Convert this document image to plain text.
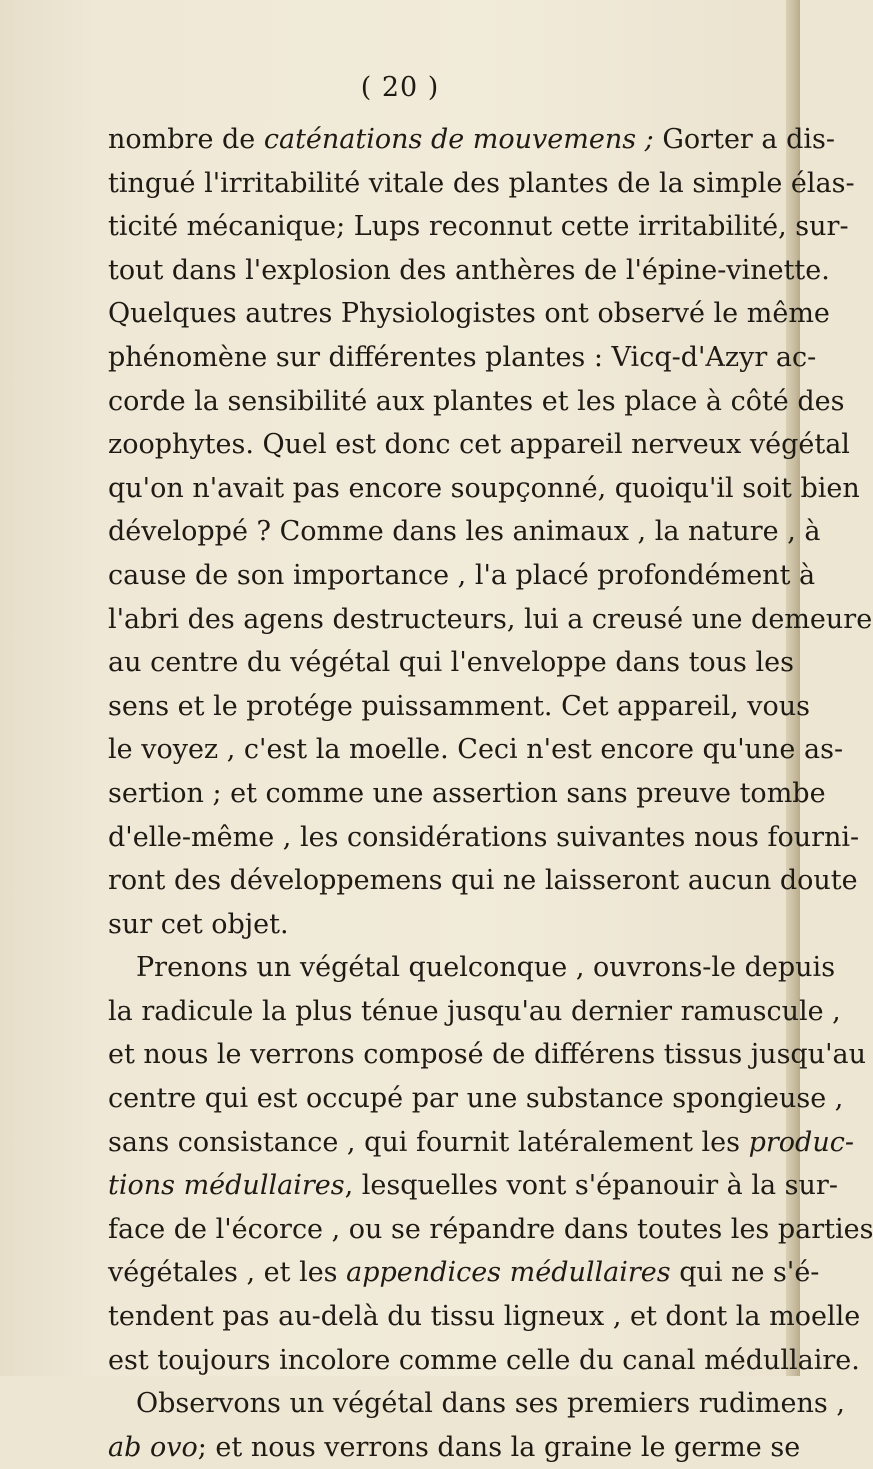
( 20 )
nombre de caténations de mouvemens ; Gorter a dis-
tingué l'irritabilité vitale des plantes de la simple élas-
ticité mécanique; Lups reconnut cette irritabilité, sur-
tout dans l'explosion des anthères de l'épine-vinette.
Quelques autres Physiologistes ont observé le même
phénomène sur différentes plantes : Vicq-d'Azyr ac-
corde la sensibilité aux plantes et les place à côté des
zoophytes. Quel est donc cet appareil nerveux végétal
qu'on n'avait pas encore soupçonné, quoiqu'il soit bien
développé ? Comme dans les animaux , la nature , à
cause de son importance , l'a placé profondément à
l'abri des agens destructeurs, lui a creusé une demeure
au centre du végétal qui l'enveloppe dans tous les
sens et le protége puissamment. Cet appareil, vous
le voyez , c'est la moelle. Ceci n'est encore qu'une as-
sertion ; et comme une assertion sans preuve tombe
d'elle-même , les considérations suivantes nous fourni-
ront des développemens qui ne laisseront aucun doute
sur cet objet.
Prenons un végétal quelconque , ouvrons-le depuis
la radicule la plus ténue jusqu'au dernier ramuscule ,
et nous le verrons composé de différens tissus jusqu'au
centre qui est occupé par une substance spongieuse ,
sans consistance , qui fournit latéralement les produc-
tions médullaires, lesquelles vont s'épanouir à la sur-
face de l'écorce , ou se répandre dans toutes les parties
végétales , et les appendices médullaires qui ne s'é-
tendent pas au-delà du tissu ligneux , et dont la moelle
est toujours incolore comme celle du canal médullaire.
Observons un végétal dans ses premiers rudimens ,
ab ovo; et nous verrons dans la graine le germe se
